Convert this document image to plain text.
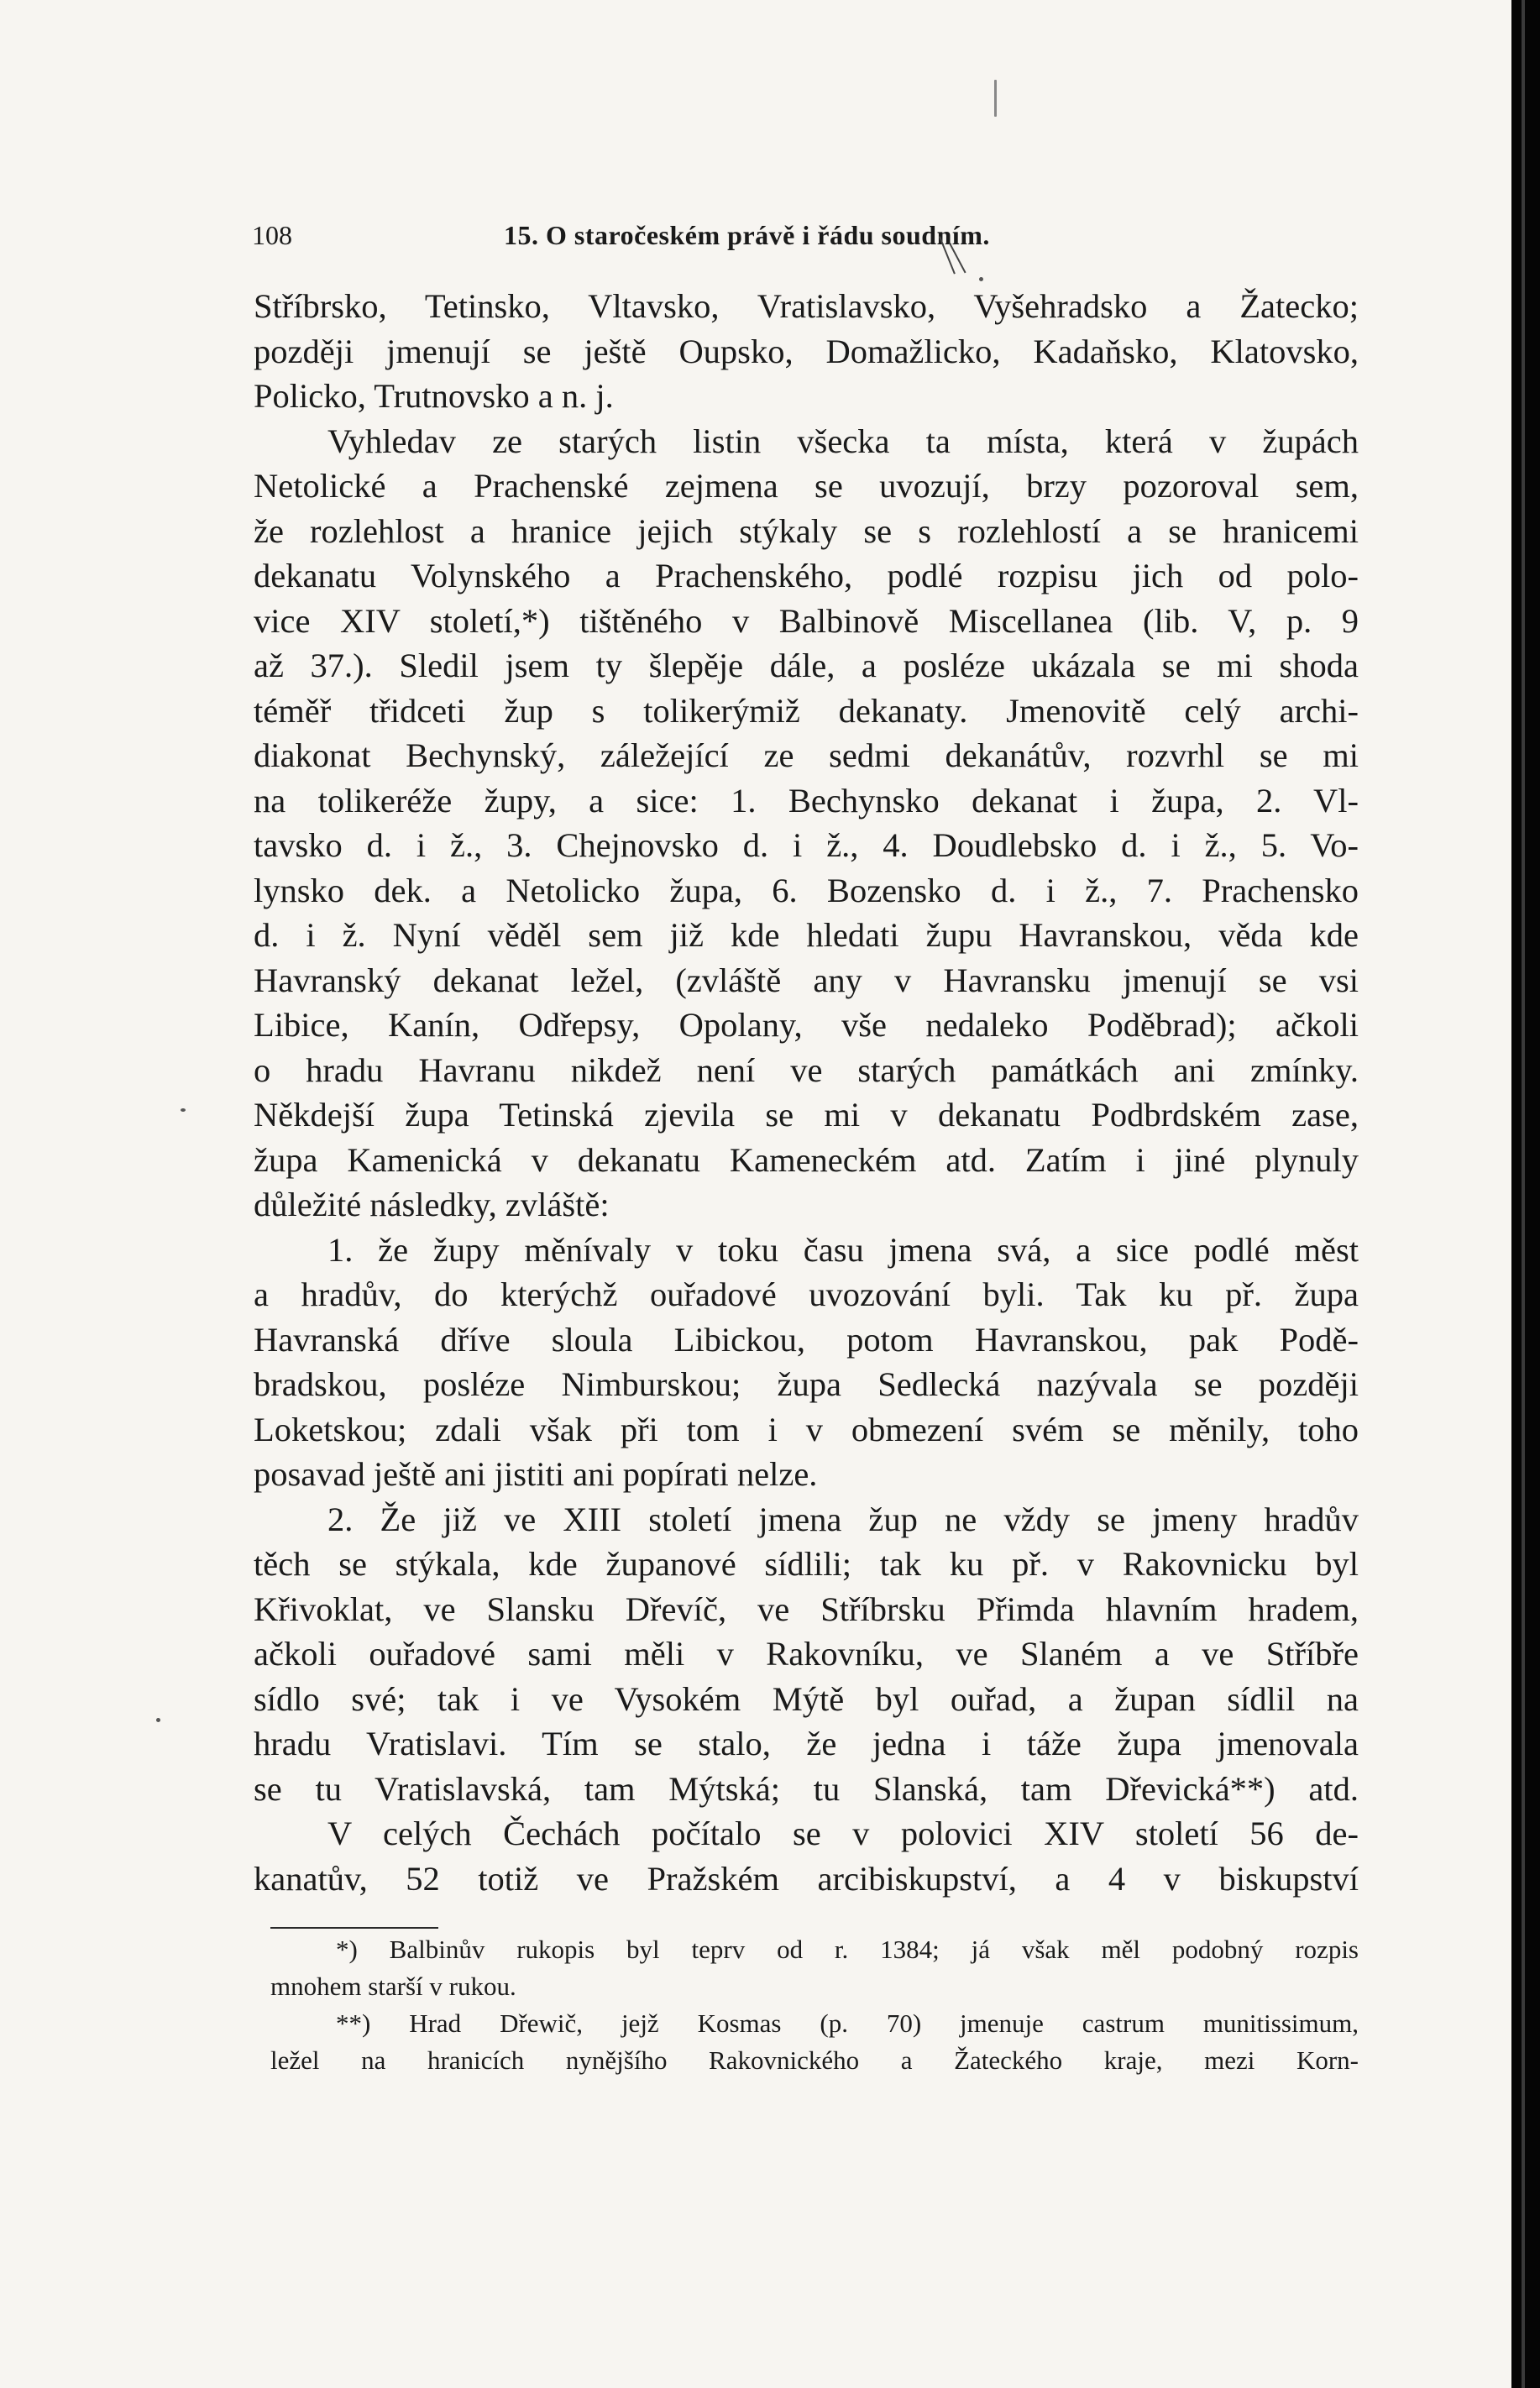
108	15. O staročeském právě i řádu soudním.
Stříbrsko, Tetinsko, Vltavsko, Vratislavsko, Vyšehradsko a Žatecko;
později jmenují se ještě Oupsko, Domažlicko, Kadaňsko, Klatovsko,
Policko, Trutnovsko a n. j.
Vyhledav ze starých listin všecka ta místa, která v župách
Netolické a Prachenské zejmena se uvozují, brzy pozoroval sem,
že rozlehlost a hranice jejich stýkaly se s rozlehlostí a se hranicemi
dekanatu Volynského a Prachenského, podlé rozpisu jich od polo-
vice XIV století,*) tištěného v Balbinově Miscellanea (lib. V, p. 9
až 37.). Sledil jsem ty šlepěje dále, a posléze ukázala se mi shoda
téměř třidceti žup s tolikerýmiž dekanaty. Jmenovitě celý archi-
diakonat Bechynský, záležející ze sedmi dekanátův, rozvrhl se mi
na tolikeréže župy, a sice: 1. Bechynsko dekanat i župa, 2. Vl-
tavsko d. i ž., 3. Chejnovsko d. i ž., 4. Doudlebsko d. i ž., 5. Vo-
lynsko dek. a Netolicko župa, 6. Bozensko d. i ž., 7. Prachensko
d. i ž. Nyní věděl sem již kde hledati župu Havranskou, věda kde
Havranský dekanat ležel, (zvláště any v Havransku jmenují se vsi
Libice, Kanín, Odřepsy, Opolany, vše nedaleko Poděbrad); ačkoli
o hradu Havranu nikdež není ve starých památkách ani zmínky.
Někdejší župa Tetinská zjevila se mi v dekanatu Podbrdském zase,
župa Kamenická v dekanatu Kameneckém atd. Zatím i jiné plynuly
důležité následky, zvláště:
1. že župy měnívaly v toku času jmena svá, a sice podlé měst
a hradův, do kterýchž ouřadové uvozování byli. Tak ku př. župa
Havranská dříve sloula Libickou, potom Havranskou, pak Podě-
bradskou, posléze Nimburskou; župa Sedlecká nazývala se později
Loketskou; zdali však při tom i v obmezení svém se měnily, toho
posavad ještě ani jistiti ani popírati nelze.
2. Že již ve XIII století jmena žup ne vždy se jmeny hradův
těch se stýkala, kde županové sídlili; tak ku př. v Rakovnicku byl
Křivoklat, ve Slansku Dřevíč, ve Stříbrsku Přimda hlavním hradem,
ačkoli ouřadové sami měli v Rakovníku, ve Slaném a ve Stříbře
sídlo své; tak i ve Vysokém Mýtě byl ouřad, a župan sídlil na
hradu Vratislavi. Tím se stalo, že jedna i táže župa jmenovala
se tu Vratislavská, tam Mýtská; tu Slanská, tam Dřevická**) atd.
V celých Čechách počítalo se v polovici XIV století 56 de-
kanatův, 52 totiž ve Pražském arcibiskupství, a 4 v biskupství
*) Balbinův rukopis byl teprv od r. 1384; já však měl podobný rozpis
mnohem starší v rukou.
**) Hrad Dřewič, jejž Kosmas (p. 70) jmenuje castrum munitissimum,
ležel na hranicích nynějšího Rakovnického a Žateckého kraje, mezi Korn-
